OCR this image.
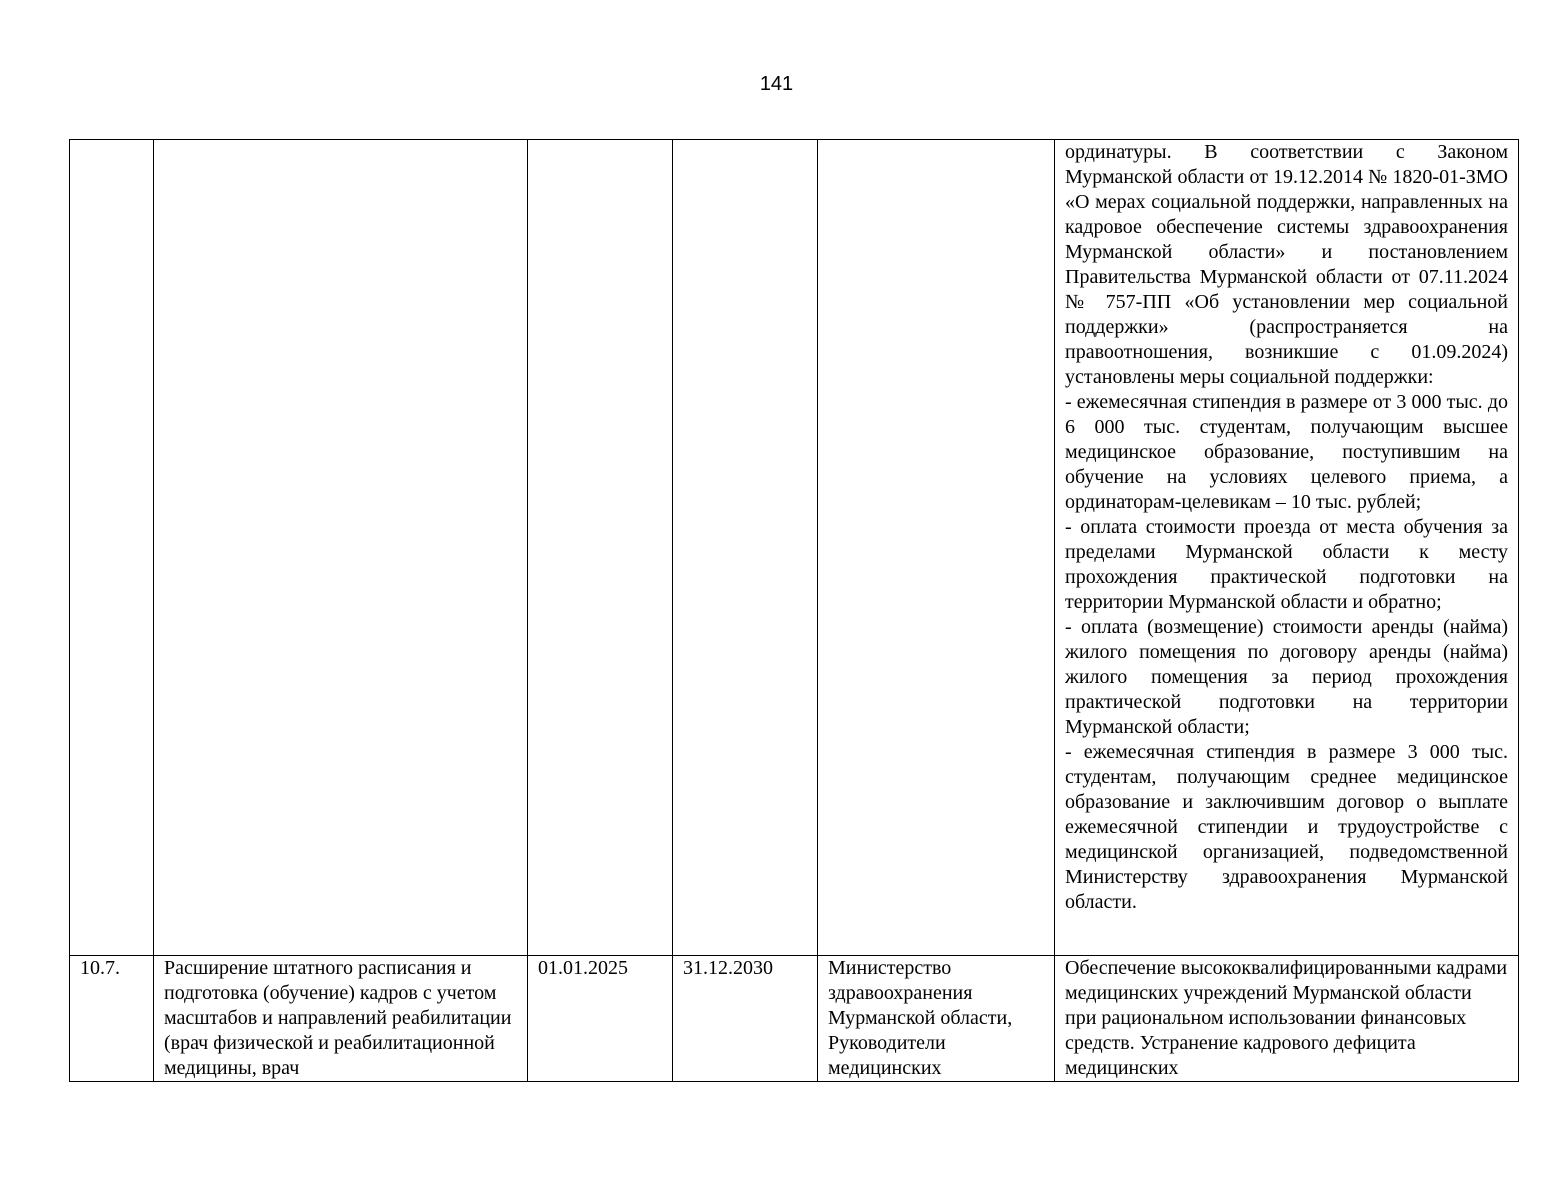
141

					ординатуры. В соответствии с Законом Мурманской области от 19.12.2014 № 1820-01-ЗМО «О мерах социальной поддержки, направленных на кадровое обеспечение системы здравоохранения Мурманской области» и постановлением Правительства Мурманской области от 07.11.2024 № 757-ПП «Об установлении мер социальной поддержки» (распространяется на правоотношения, возникшие с 01.09.2024) установлены меры социальной поддержки:
- ежемесячная стипендия в размере от 3 000 тыс. до 6 000 тыс. студентам, получающим высшее медицинское образование, поступившим на обучение на условиях целевого приема, а ординаторам-целевикам – 10 тыс. рублей;
- оплата стоимости проезда от места обучения за пределами Мурманской области к месту прохождения практической подготовки на территории Мурманской области и обратно;
- оплата (возмещение) стоимости аренды (найма) жилого помещения по договору аренды (найма) жилого помещения за период прохождения практической подготовки на территории Мурманской области;
- ежемесячная стипендия в размере 3 000 тыс. студентам, получающим среднее медицинское образование и заключившим договор о выплате ежемесячной стипендии и трудоустройстве с медицинской организацией, подведомственной Министерству здравоохранения Мурманской области.

10.7.	Расширение штатного расписания и подготовка (обучение) кадров с учетом масштабов и направлений реабилитации (врач физической и реабилитационной медицины, врач	01.01.2025	31.12.2030	Министерство здравоохранения Мурманской области, Руководители медицинских	Обеспечение высококвалифицированными кадрами медицинских учреждений Мурманской области при рациональном использовании финансовых средств. Устранение кадрового дефицита медицинских
